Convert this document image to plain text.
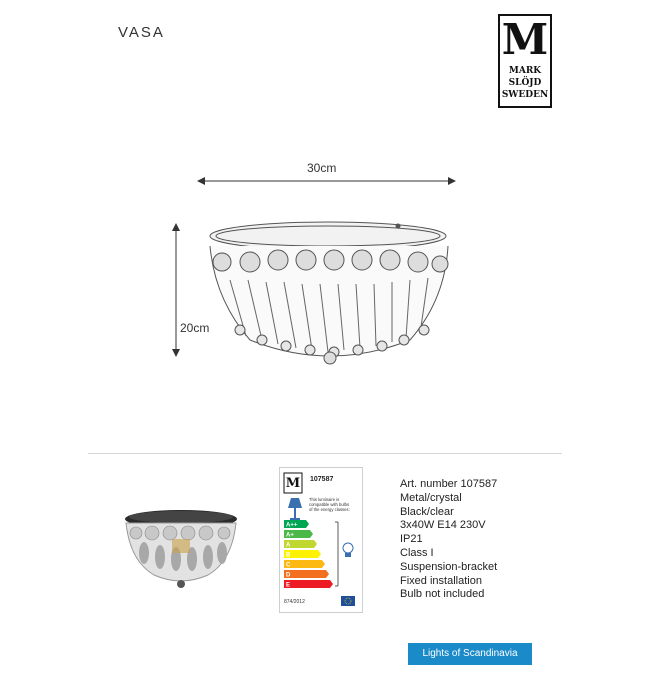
VASA	M
MARK
SLÖJD
SWEDEN
30cm
20cm
M 107587
This luminaire is
compatible with bulbs
of the energy classes:
A++
A+
A
B
C
D
E
874/2012
Art. number 107587
Metal/crystal
Black/clear
3x40W E14 230V
IP21
Class I
Suspension-bracket
Fixed installation
Bulb not included
Lights of Scandinavia
